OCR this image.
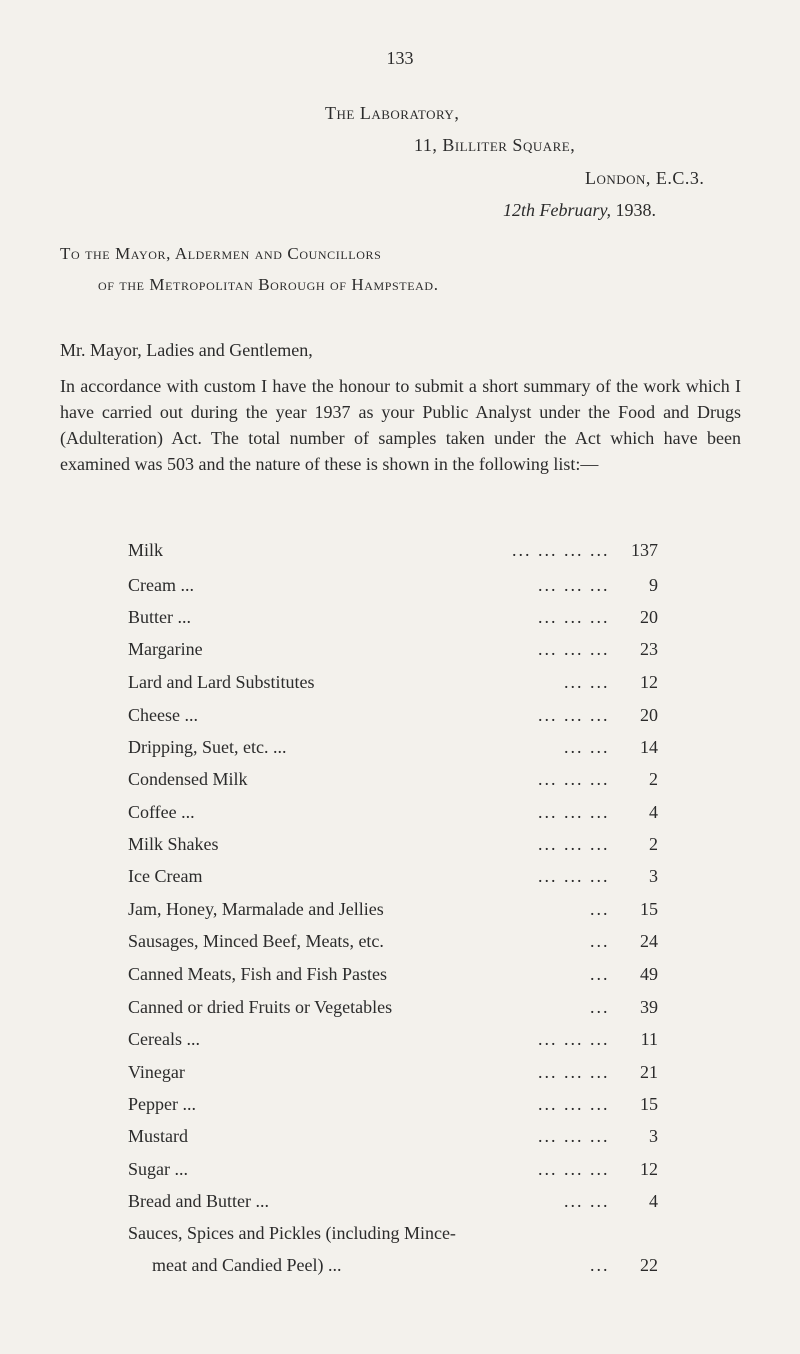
133
The Laboratory,
11, Billiter Square,
London, E.C.3.
12th February, 1938.
To the Mayor, Aldermen and Councillors
of the Metropolitan Borough of Hampstead.
Mr. Mayor, Ladies and Gentlemen,
In accordance with custom I have the honour to submit a short summary of the work which I have carried out during the year 1937 as your Public Analyst under the Food and Drugs (Adulteration) Act. The total number of samples taken under the Act which have been examined was 503 and the nature of these is shown in the following list:—
Milk	... ... ... ...	137
Cream ...	... ... ...	9
Butter ...	... ... ...	20
Margarine	... ... ...	23
Lard and Lard Substitutes	... ...	12
Cheese ...	... ... ...	20
Dripping, Suet, etc. ...	... ...	14
Condensed Milk	... ... ...	2
Coffee ...	... ... ...	4
Milk Shakes	... ... ...	2
Ice Cream	... ... ...	3
Jam, Honey, Marmalade and Jellies	...	15
Sausages, Minced Beef, Meats, etc.	...	24
Canned Meats, Fish and Fish Pastes	...	49
Canned or dried Fruits or Vegetables	...	39
Cereals ...	... ... ...	11
Vinegar	... ... ...	21
Pepper ...	... ... ...	15
Mustard	... ... ...	3
Sugar ...	... ... ...	12
Bread and Butter ...	... ...	4
Sauces, Spices and Pickles (including Mince-
meat and Candied Peel) ...	...	22
